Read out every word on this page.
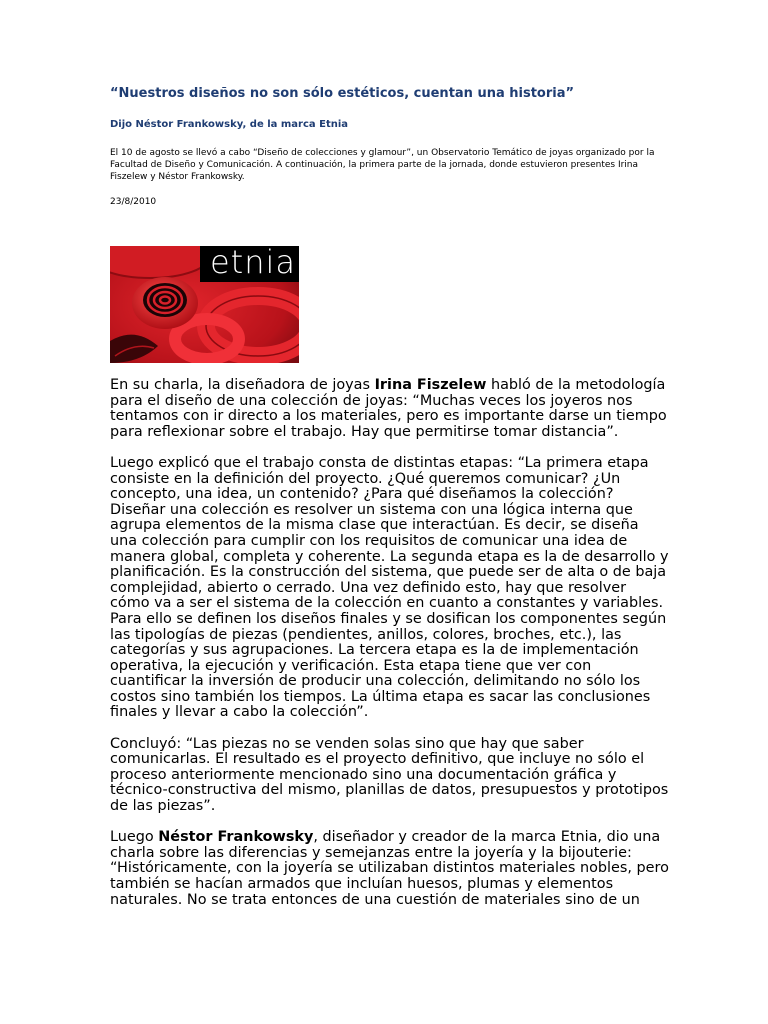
“Nuestros diseños no son sólo estéticos, cuentan una historia”
Dijo Néstor Frankowsky, de la marca Etnia
El 10 de agosto se llevó a cabo “Diseño de colecciones y glamour”, un Observatorio Temático de joyas organizado por la Facultad de Diseño y Comunicación. A continuación, la primera parte de la jornada, donde estuvieron presentes Irina Fiszelew y Néstor Frankowsky.
23/8/2010
etnia

En su charla, la diseñadora de joyas Irina Fiszelew habló de la metodología para el diseño de una colección de joyas: “Muchas veces los joyeros nos tentamos con ir directo a los materiales, pero es importante darse un tiempo para reflexionar sobre el trabajo. Hay que permitirse tomar distancia”.

Luego explicó que el trabajo consta de distintas etapas: “La primera etapa consiste en la definición del proyecto. ¿Qué queremos comunicar? ¿Un concepto, una idea, un contenido? ¿Para qué diseñamos la colección? Diseñar una colección es resolver un sistema con una lógica interna que agrupa elementos de la misma clase que interactúan. Es decir, se diseña una colección para cumplir con los requisitos de comunicar una idea de manera global, completa y coherente. La segunda etapa es la de desarrollo y planificación. Es la construcción del sistema, que puede ser de alta o de baja complejidad, abierto o cerrado. Una vez definido esto, hay que resolver cómo va a ser el sistema de la colección en cuanto a constantes y variables. Para ello se definen los diseños finales y se dosifican los componentes según las tipologías de piezas (pendientes, anillos, colores, broches, etc.), las categorías y sus agrupaciones. La tercera etapa es la de implementación operativa, la ejecución y verificación. Esta etapa tiene que ver con cuantificar la inversión de producir una colección, delimitando no sólo los costos sino también los tiempos. La última etapa es sacar las conclusiones finales y llevar a cabo la colección”.

Concluyó: “Las piezas no se venden solas sino que hay que saber comunicarlas. El resultado es el proyecto definitivo, que incluye no sólo el proceso anteriormente mencionado sino una documentación gráfica y técnico-constructiva del mismo, planillas de datos, presupuestos y prototipos de las piezas”.

Luego Néstor Frankowsky, diseñador y creador de la marca Etnia, dio una charla sobre las diferencias y semejanzas entre la joyería y la bijouterie: “Históricamente, con la joyería se utilizaban distintos materiales nobles, pero también se hacían armados que incluían huesos, plumas y elementos naturales. No se trata entonces de una cuestión de materiales sino de un
